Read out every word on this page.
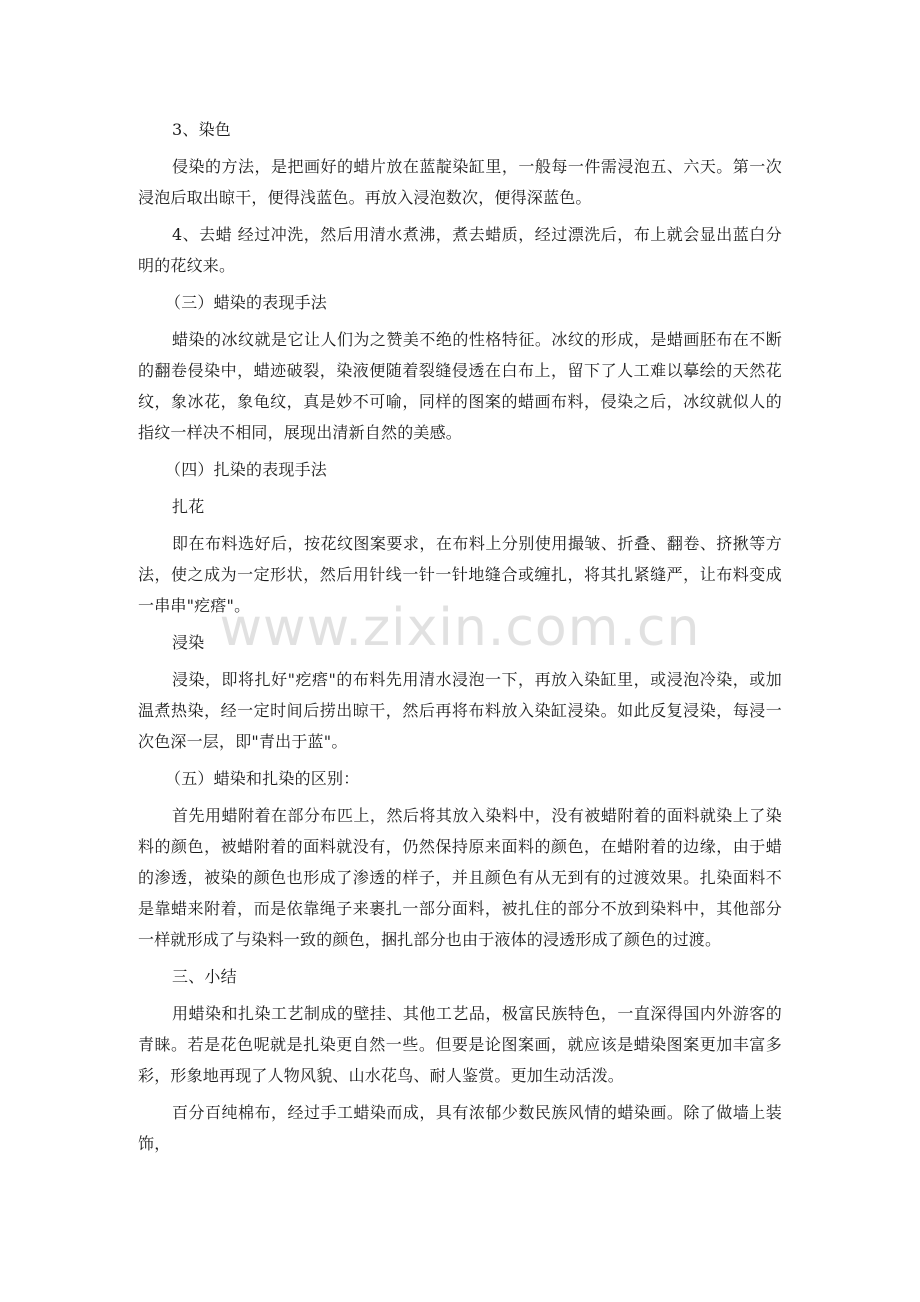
3、染色

侵染的方法，是把画好的蜡片放在蓝靛染缸里，一般每一件需浸泡五、六天。第一次浸泡后取出晾干，便得浅蓝色。再放入浸泡数次，便得深蓝色。

4、去蜡 经过冲洗，然后用清水煮沸，煮去蜡质，经过漂洗后，布上就会显出蓝白分明的花纹来。

（三）蜡染的表现手法

蜡染的冰纹就是它让人们为之赞美不绝的性格特征。冰纹的形成，是蜡画胚布在不断的翻卷侵染中，蜡迹破裂，染液便随着裂缝侵透在白布上，留下了人工难以摹绘的天然花纹，象冰花，象龟纹，真是妙不可喻，同样的图案的蜡画布料，侵染之后，冰纹就似人的指纹一样决不相同，展现出清新自然的美感。

（四）扎染的表现手法

扎花

即在布料选好后，按花纹图案要求，在布料上分别使用撮皱、折叠、翻卷、挤揪等方法，使之成为一定形状，然后用针线一针一针地缝合或缠扎，将其扎紧缝严，让布料变成一串串"疙瘩"。

浸染

浸染，即将扎好"疙瘩"的布料先用清水浸泡一下，再放入染缸里，或浸泡冷染，或加温煮热染，经一定时间后捞出晾干，然后再将布料放入染缸浸染。如此反复浸染，每浸一次色深一层，即"青出于蓝"。

（五）蜡染和扎染的区别：

首先用蜡附着在部分布匹上，然后将其放入染料中，没有被蜡附着的面料就染上了染料的颜色，被蜡附着的面料就没有，仍然保持原来面料的颜色，在蜡附着的边缘，由于蜡的渗透，被染的颜色也形成了渗透的样子，并且颜色有从无到有的过渡效果。扎染面料不是靠蜡来附着，而是依靠绳子来裹扎一部分面料，被扎住的部分不放到染料中，其他部分一样就形成了与染料一致的颜色，捆扎部分也由于液体的浸透形成了颜色的过渡。

三、小结

用蜡染和扎染工艺制成的壁挂、其他工艺品，极富民族特色，一直深得国内外游客的青睐。若是花色呢就是扎染更自然一些。但要是论图案画，就应该是蜡染图案更加丰富多彩，形象地再现了人物风貌、山水花鸟、耐人鉴赏。更加生动活泼。

百分百纯棉布，经过手工蜡染而成，具有浓郁少数民族风情的蜡染画。除了做墙上装饰，

www.zixin.com.cn
